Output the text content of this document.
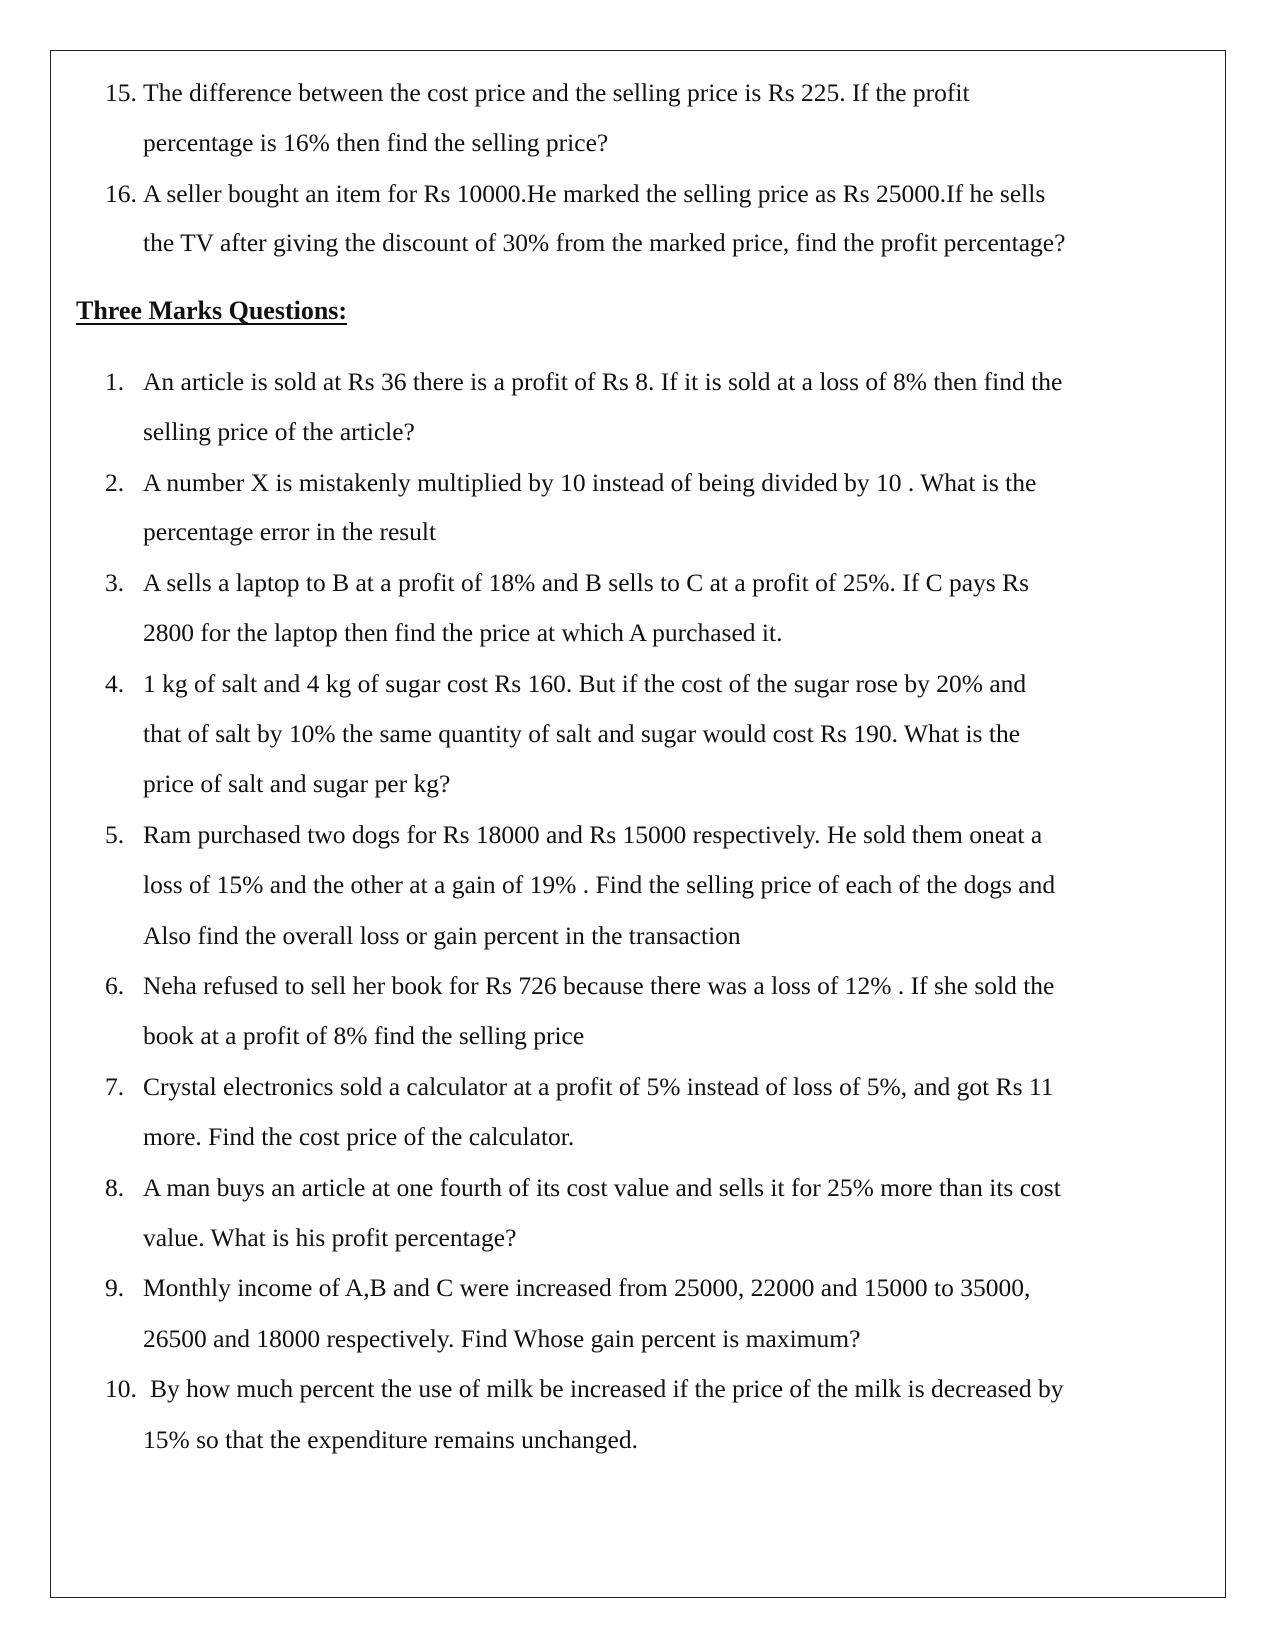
15. The difference between the cost price and the selling price is Rs 225. If the profit
percentage is 16% then find the selling price?
16. A seller bought an item for Rs 10000.He marked the selling price as Rs 25000.If he sells
the TV after giving the discount of 30% from the marked price, find the profit percentage?
Three Marks Questions:
1. An article is sold at Rs 36 there is a profit of Rs 8. If it is sold at a loss of 8% then find the
selling price of the article?
2. A number X is mistakenly multiplied by 10 instead of being divided by 10 . What is the
percentage error in the result
3. A sells a laptop to B at a profit of 18% and B sells to C at a profit of 25%. If C pays Rs
2800 for the laptop then find the price at which A purchased it.
4. 1 kg of salt and 4 kg of sugar cost Rs 160. But if the cost of the sugar rose by 20% and
that of salt by 10% the same quantity of salt and sugar would cost Rs 190. What is the
price of salt and sugar per kg?
5. Ram purchased two dogs for Rs 18000 and Rs 15000 respectively. He sold them oneat a
loss of 15% and the other at a gain of 19% . Find the selling price of each of the dogs and
Also find the overall loss or gain percent in the transaction
6. Neha refused to sell her book for Rs 726 because there was a loss of 12% . If she sold the
book at a profit of 8% find the selling price
7. Crystal electronics sold a calculator at a profit of 5% instead of loss of 5%, and got Rs 11
more. Find the cost price of the calculator.
8. A man buys an article at one fourth of its cost value and sells it for 25% more than its cost
value. What is his profit percentage?
9. Monthly income of A,B and C were increased from 25000, 22000 and 15000 to 35000,
26500 and 18000 respectively. Find Whose gain percent is maximum?
10. By how much percent the use of milk be increased if the price of the milk is decreased by
15% so that the expenditure remains unchanged.
